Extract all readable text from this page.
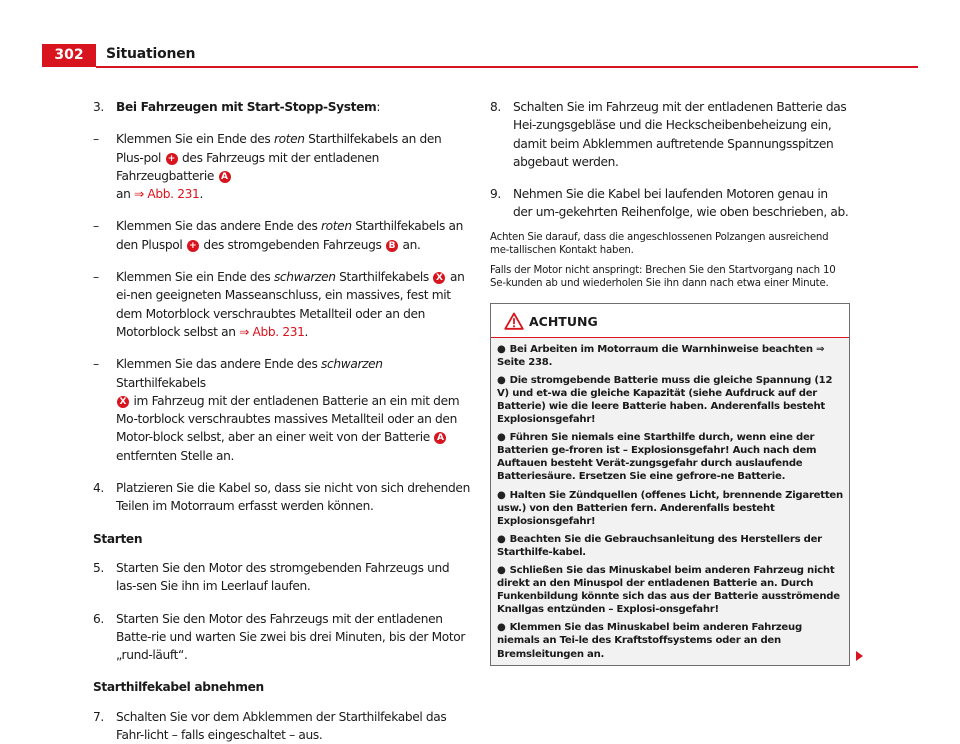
302	Situationen
3. Bei Fahrzeugen mit Start-Stopp-System:
– Klemmen Sie ein Ende des roten Starthilfekabels an den Plus-pol + des Fahrzeugs mit der entladenen Fahrzeugbatterie A
an ⇒ Abb. 231.
– Klemmen Sie das andere Ende des roten Starthilfekabels an den Pluspol + des stromgebenden Fahrzeugs B an.
– Klemmen Sie ein Ende des schwarzen Starthilfekabels X an ei-nen geeigneten Masseanschluss, ein massives, fest mit dem Motorblock verschraubtes Metallteil oder an den Motorblock selbst an ⇒ Abb. 231.
– Klemmen Sie das andere Ende des schwarzen Starthilfekabels
X im Fahrzeug mit der entladenen Batterie an ein mit dem Mo-torblock verschraubtes massives Metallteil oder an den Motor-block selbst, aber an einer weit von der Batterie A entfernten Stelle an.
4. Platzieren Sie die Kabel so, dass sie nicht von sich drehenden Teilen im Motorraum erfasst werden können.
Starten
5. Starten Sie den Motor des stromgebenden Fahrzeugs und las-sen Sie ihn im Leerlauf laufen.
6. Starten Sie den Motor des Fahrzeugs mit der entladenen Batte-rie und warten Sie zwei bis drei Minuten, bis der Motor „rund-läuft“.
Starthilfekabel abnehmen
7. Schalten Sie vor dem Abklemmen der Starthilfekabel das Fahr-licht – falls eingeschaltet – aus.
8. Schalten Sie im Fahrzeug mit der entladenen Batterie das Hei-zungsgebläse und die Heckscheibenbeheizung ein, damit beim Abklemmen auftretende Spannungsspitzen abgebaut werden.
9. Nehmen Sie die Kabel bei laufenden Motoren genau in der um-gekehrten Reihenfolge, wie oben beschrieben, ab.

Achten Sie darauf, dass die angeschlossenen Polzangen ausreichend me-tallischen Kontakt haben.

Falls der Motor nicht anspringt: Brechen Sie den Startvorgang nach 10 Se-kunden ab und wiederholen Sie ihn dann nach etwa einer Minute.

ACHTUNG

● Bei Arbeiten im Motorraum die Warnhinweise beachten ⇒ Seite 238.

● Die stromgebende Batterie muss die gleiche Spannung (12 V) und et-wa die gleiche Kapazität (siehe Aufdruck auf der Batterie) wie die leere Batterie haben. Anderenfalls besteht Explosionsgefahr!

● Führen Sie niemals eine Starthilfe durch, wenn eine der Batterien ge-froren ist – Explosionsgefahr! Auch nach dem Auftauen besteht Verät-zungsgefahr durch auslaufende Batteriesäure. Ersetzen Sie eine gefrore-ne Batterie.

● Halten Sie Zündquellen (offenes Licht, brennende Zigaretten usw.) von den Batterien fern. Anderenfalls besteht Explosionsgefahr!

● Beachten Sie die Gebrauchsanleitung des Herstellers der Starthilfe-kabel.

● Schließen Sie das Minuskabel beim anderen Fahrzeug nicht direkt an den Minuspol der entladenen Batterie an. Durch Funkenbildung könnte sich das aus der Batterie ausströmende Knallgas entzünden – Explosi-onsgefahr!

● Klemmen Sie das Minuskabel beim anderen Fahrzeug niemals an Tei-le des Kraftstoffsystems oder an den Bremsleitungen an.
